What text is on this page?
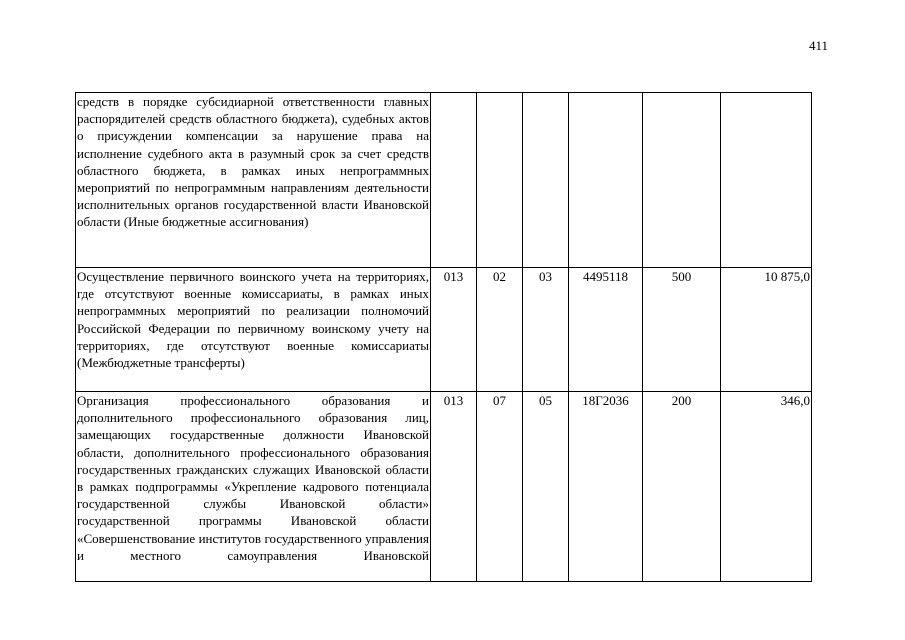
411
средств в порядке субсидиарной ответственности главных распорядителей средств областного бюджета), судебных актов о присуждении компенсации за нарушение права на исполнение судебного акта в разумный срок за счет средств областного бюджета, в рамках иных непрограммных мероприятий по непрограммным направлениям деятельности исполнительных органов государственной власти Ивановской области (Иные бюджетные ассигнования)						
Осуществление первичного воинского учета на территориях, где отсутствуют военные комиссариаты, в рамках иных непрограммных мероприятий по реализации полномочий Российской Федерации по первичному воинскому учету на территориях, где отсутствуют военные комиссариаты (Межбюджетные трансферты)	013	02	03	4495118	500	10 875,0
Организация профессионального образования и дополнительного профессионального образования лиц, замещающих государственные должности Ивановской области, дополнительного профессионального образования государственных гражданских служащих Ивановской области в рамках подпрограммы «Укрепление кадрового потенциала государственной службы Ивановской области» государственной программы Ивановской области «Совершенствование институтов государственного управления и местного самоуправления Ивановской	013	07	05	18Г2036	200	346,0
